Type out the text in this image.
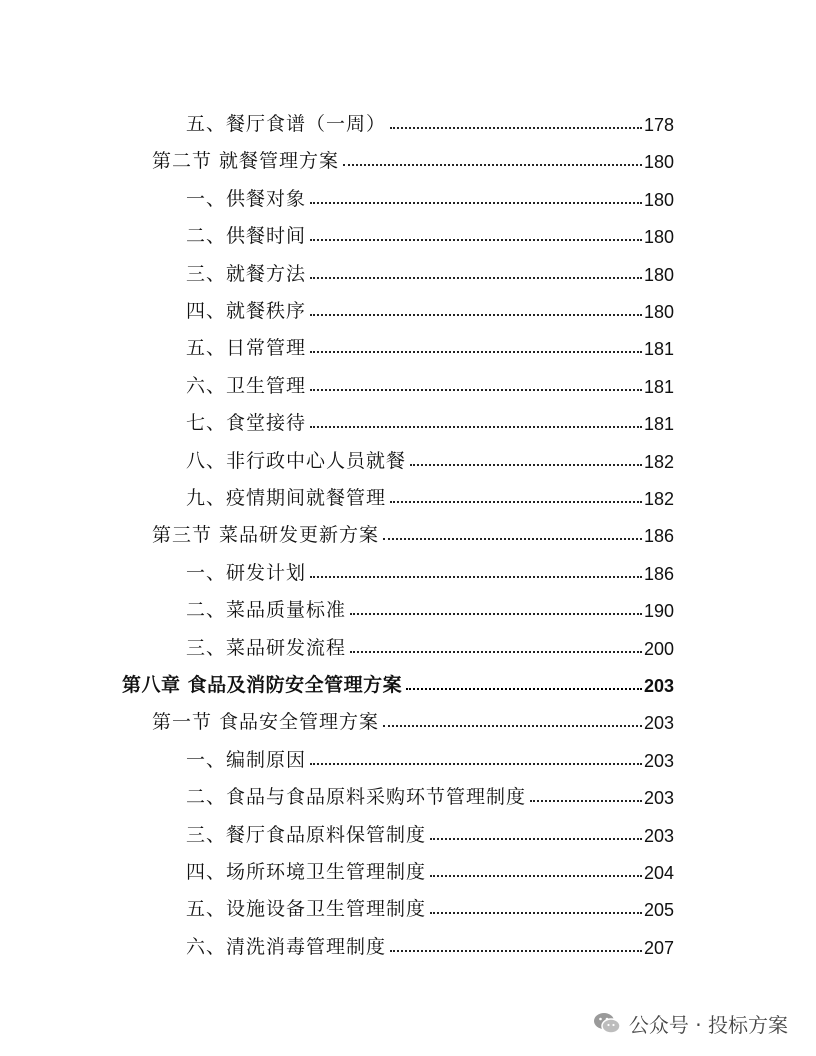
五、餐厅食谱（一周）	178
第二节 就餐管理方案	180
一、供餐对象	180
二、供餐时间	180
三、就餐方法	180
四、就餐秩序	180
五、日常管理	181
六、卫生管理	181
七、食堂接待	181
八、非行政中心人员就餐	182
九、疫情期间就餐管理	182
第三节 菜品研发更新方案	186
一、研发计划	186
二、菜品质量标准	190
三、菜品研发流程	200
第八章 食品及消防安全管理方案	203
第一节 食品安全管理方案	203
一、编制原因	203
二、食品与食品原料采购环节管理制度	203
三、餐厅食品原料保管制度	203
四、场所环境卫生管理制度	204
五、设施设备卫生管理制度	205
六、清洗消毒管理制度	207
公众号 · 投标方案
